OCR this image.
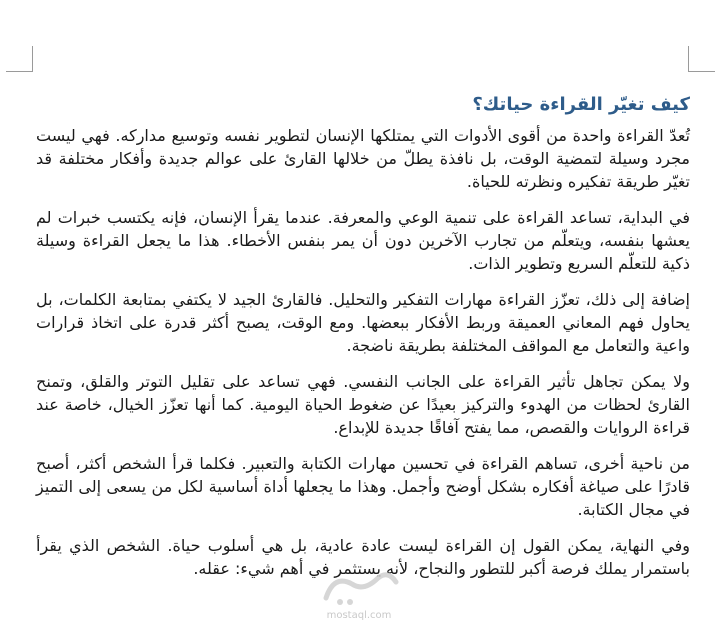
كيف تغيّر القراءة حياتك؟

تُعدّ القراءة واحدة من أقوى الأدوات التي يمتلكها الإنسان لتطوير نفسه وتوسيع مداركه. فهي ليست مجرد وسيلة لتمضية الوقت، بل نافذة يطلّ من خلالها القارئ على عوالم جديدة وأفكار مختلفة قد تغيّر طريقة تفكيره ونظرته للحياة.

في البداية، تساعد القراءة على تنمية الوعي والمعرفة. عندما يقرأ الإنسان، فإنه يكتسب خبرات لم يعشها بنفسه، ويتعلّم من تجارب الآخرين دون أن يمر بنفس الأخطاء. هذا ما يجعل القراءة وسيلة ذكية للتعلّم السريع وتطوير الذات.

إضافة إلى ذلك، تعزّز القراءة مهارات التفكير والتحليل. فالقارئ الجيد لا يكتفي بمتابعة الكلمات، بل يحاول فهم المعاني العميقة وربط الأفكار ببعضها. ومع الوقت، يصبح أكثر قدرة على اتخاذ قرارات واعية والتعامل مع المواقف المختلفة بطريقة ناضجة.

ولا يمكن تجاهل تأثير القراءة على الجانب النفسي. فهي تساعد على تقليل التوتر والقلق، وتمنح القارئ لحظات من الهدوء والتركيز بعيدًا عن ضغوط الحياة اليومية. كما أنها تعزّز الخيال، خاصة عند قراءة الروايات والقصص، مما يفتح آفاقًا جديدة للإبداع.

من ناحية أخرى، تساهم القراءة في تحسين مهارات الكتابة والتعبير. فكلما قرأ الشخص أكثر، أصبح قادرًا على صياغة أفكاره بشكل أوضح وأجمل. وهذا ما يجعلها أداة أساسية لكل من يسعى إلى التميز في مجال الكتابة.

وفي النهاية، يمكن القول إن القراءة ليست عادة عادية، بل هي أسلوب حياة. الشخص الذي يقرأ باستمرار يملك فرصة أكبر للتطور والنجاح، لأنه يستثمر في أهم شيء: عقله.

mostaql.com
